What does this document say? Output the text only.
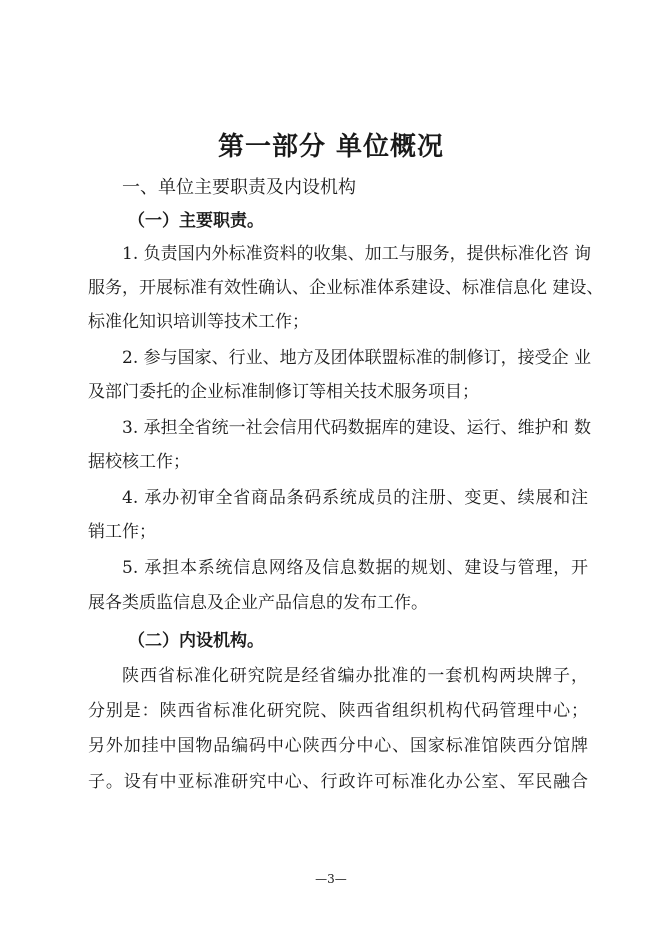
第一部分 单位概况
一、单位主要职责及内设机构
（一）主要职责。
1. 负责国内外标准资料的收集、加工与服务，提供标准化咨 询
服务，开展标准有效性确认、企业标准体系建设、标准信息化 建设、
标准化知识培训等技术工作；
2. 参与国家、行业、地方及团体联盟标准的制修订，接受企 业
及部门委托的企业标准制修订等相关技术服务项目；
3. 承担全省统一社会信用代码数据库的建设、运行、维护和 数
据校核工作；
4. 承办初审全省商品条码系统成员的注册、变更、续展和注
销工作；
5. 承担本系统信息网络及信息数据的规划、建设与管理，开
展各类质监信息及企业产品信息的发布工作。
（二）内设机构。
陕西省标准化研究院是经省编办批准的一套机构两块牌子，
分别是：陕西省标准化研究院、陕西省组织机构代码管理中心；
另外加挂中国物品编码中心陕西分中心、国家标准馆陕西分馆牌
子。设有中亚标准研究中心、行政许可标准化办公室、军民融合
—3—
